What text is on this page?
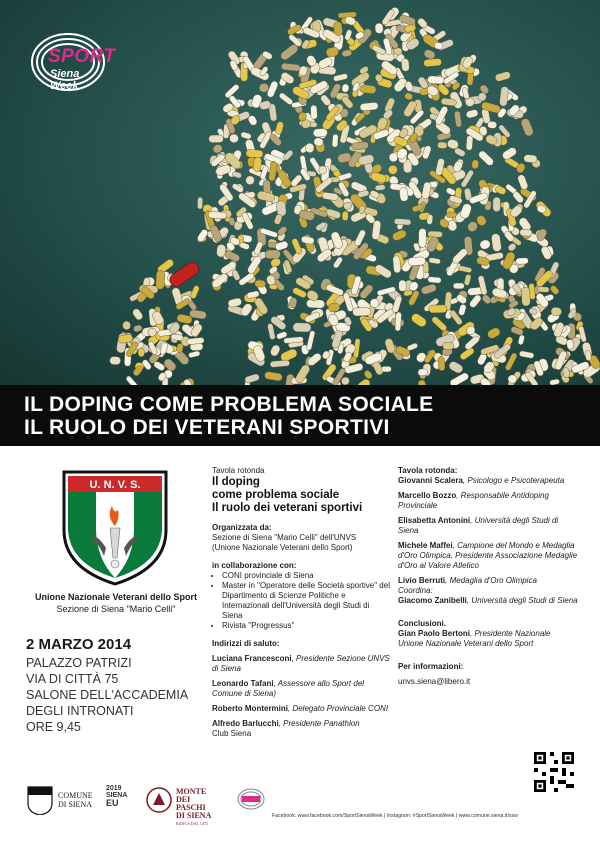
SPORT
Siena Week
IL DOPING COME PROBLEMA SOCIALE
IL RUOLO DEI VETERANI SPORTIVI
U. N. V. S.
Unione Nazionale Veterani dello Sport
Sezione di Siena "Mario Celli"
2 MARZO 2014
PALAZZO PATRIZI
VIA DI CITTÀ 75
SALONE DELL'ACCADEMIA
DEGLI INTRONATI
ORE 9,45
Tavola rotonda
Il doping
come problema sociale
Il ruolo dei veterani sportivi
Organizzata da:
Sezione di Siena "Mario Celli" dell'UNVS
(Unione Nazionale Veterani dello Sport)
in collaborazione con:
• CONI provinciale di Siena
• Master in "Operatore delle Società sportive" del Dipartimento di Scienze Politiche e Internazionali dell'Università degli Studi di Siena
• Rivista "Progressus"
Indirizzi di saluto:
Luciana Francesconi, Presidente Sezione UNVS di Siena
Leonardo Tafani, Assessore allo Sport del Comune di Siena)
Roberto Montermini, Delegato Provinciale CONI
Alfredo Barlucchi, Presidente Panathlon
Club Siena
Tavola rotonda:
Giovanni Scalera, Psicologo e Psicoterapeuta
Marcello Bozzo, Responsabile Antidoping Provinciale
Elisabetta Antonini, Università degli Studi di Siena
Michele Maffei, Campione del Mondo e Medaglia d'Oro Olimpica, Presidente Associazione Medaglie d'Oro al Valore Atletico
Livio Berruti, Medaglia d'Oro Olimpica
Coordina:
Giacomo Zanibelli, Università degli Studi di Siena
Conclusioni.
Gian Paolo Bertoni, Presidente Nazionale Unione Nazionale Veterani dello Sport
Per informazioni:
unvs.siena@libero.it
COMUNE
DI SIENA
2019
SIENA
EU
MONTE
DEI PASCHI
DI SIENA
BANCA DAL 1472
Facebook: www.facebook.com/SportSienaWeek | Instagram: #SportSienaWeek | www.comune.siena.it/ssw
